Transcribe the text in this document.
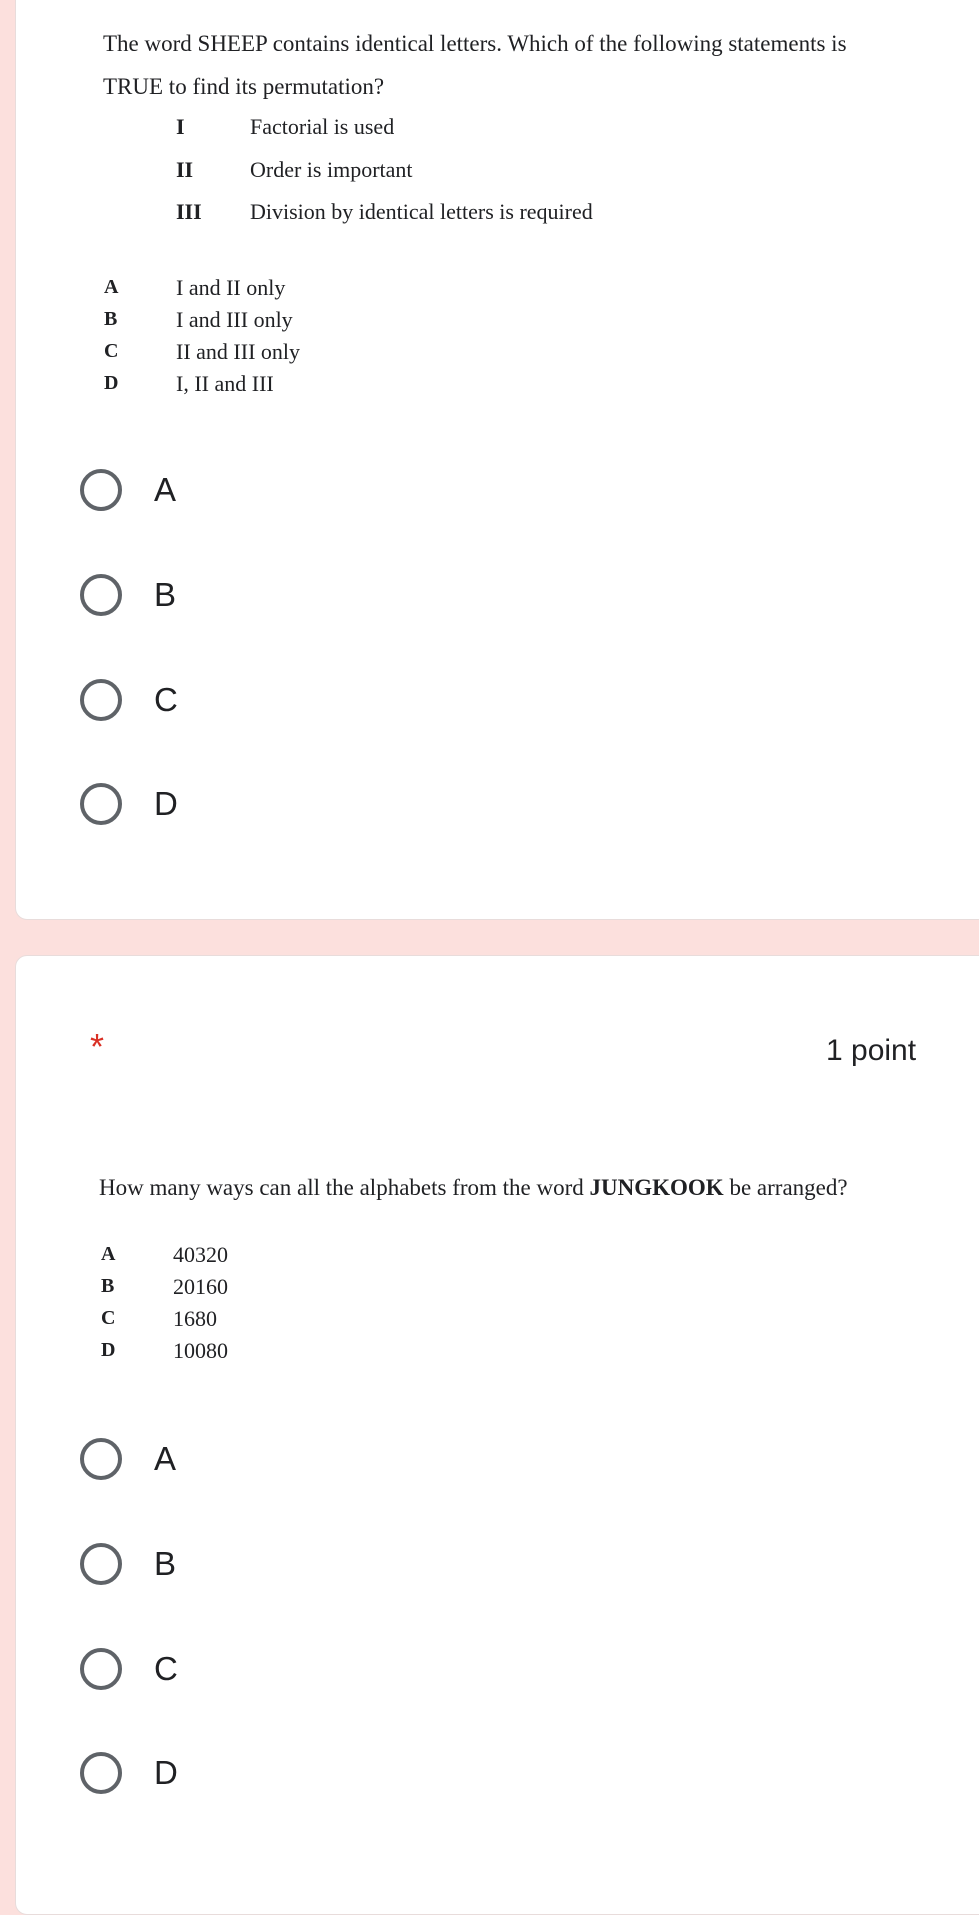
The word SHEEP contains identical letters. Which of the following statements is
TRUE to find its permutation?
I	Factorial is used
II	Order is important
III Division by identical letters is required
A	I and II only
B	I and III only
C	II and III only
D	I, II and III
A
B
C
D
*	1 point
How many ways can all the alphabets from the word JUNGKOOK be arranged?
A	40320
B	20160
C	1680
D	10080
A
B
C
D
